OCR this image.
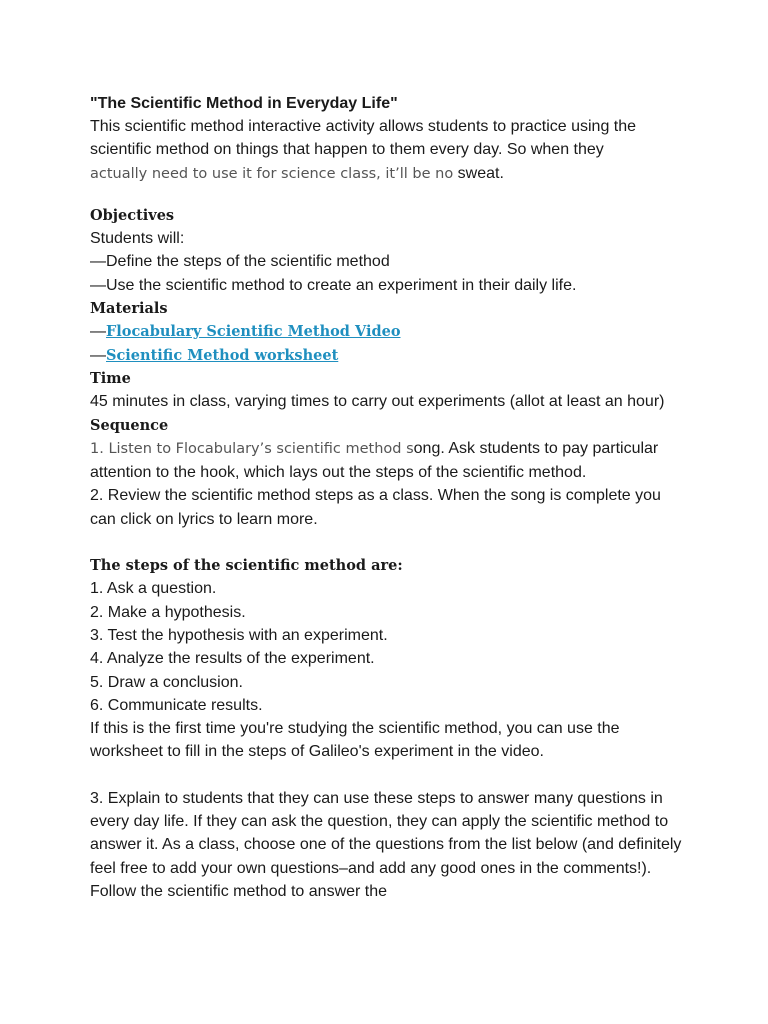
"The Scientific Method in Everyday Life"

This scientific method interactive activity allows students to practice using the scientific method on things that happen to them every day. So when they
actually need to use it for science class, it’ll be no sweat.

Objectives

Students will:

—Define the steps of the scientific method
—Use the scientific method to create an experiment in their daily life.

Materials

—Flocabulary Scientific Method Video

—Scientific Method worksheet

Time

45 minutes in class, varying times to carry out experiments (allot at least an hour)

Sequence

1. Listen to Flocabulary’s scientific method song. Ask students to pay particular attention to the hook, which lays out the steps of the scientific method.

2. Review the scientific method steps as a class. When the song is complete you can click on lyrics to learn more.

The steps of the scientific method are:

1. Ask a question.
2. Make a hypothesis.
3. Test the hypothesis with an experiment.
4. Analyze the results of the experiment.
5. Draw a conclusion.
6. Communicate results.

If this is the first time you're studying the scientific method, you can use the worksheet to fill in the steps of Galileo's experiment in the video.

3. Explain to students that they can use these steps to answer many questions in every day life. If they can ask the question, they can apply the scientific method to answer it. As a class, choose one of the questions from the list below (and definitely feel free to add your own questions–and add any good ones in the comments!). Follow the scientific method to answer the
